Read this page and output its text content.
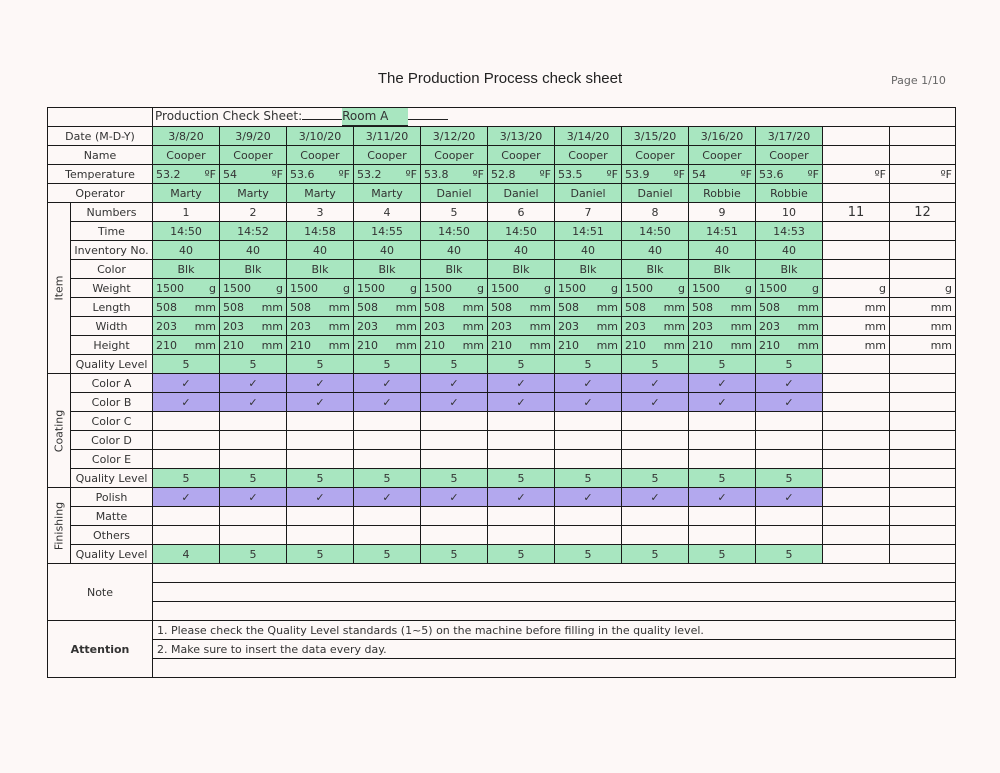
The Production Process check sheet	Page 1/10
		Production Check Sheet: Room A											
Date (M-D-Y)		3/8/20	3/9/20	3/10/20	3/11/20	3/12/20	3/13/20	3/14/20	3/15/20	3/16/20	3/17/20		
Name		Cooper	Cooper	Cooper	Cooper	Cooper	Cooper	Cooper	Cooper	Cooper	Cooper		
Temperature		53.2 ºF	54 ºF	53.6 ºF	53.2 ºF	53.8 ºF	52.8 ºF	53.5 ºF	53.9 ºF	54 ºF	53.6 ºF	ºF	ºF

Operator		Marty	Marty	Marty	Marty	Daniel	Daniel	Daniel	Daniel	Robbie	Robbie		

Item	Numbers	1	2	3	4	5	6	7	8	9	10	11	12
	Time	14:50	14:52	14:58	14:55	14:50	14:50	14:51	14:50	14:51	14:53		
	Inventory No.	40	40	40	40	40	40	40	40	40	40		
	Color	Blk	Blk	Blk	Blk	Blk	Blk	Blk	Blk	Blk	Blk		
	Weight	1500 g	1500 g	1500 g	1500 g	1500 g	1500 g	1500 g	1500 g	1500 g	1500 g	g	g

	Length	508 mm	508 mm	508 mm	508 mm	508 mm	508 mm	508 mm	508 mm	508 mm	508 mm	mm	mm

	Width	203 mm	203 mm	203 mm	203 mm	203 mm	203 mm	203 mm	203 mm	203 mm	203 mm	mm	mm

	Height	210 mm	210 mm	210 mm	210 mm	210 mm	210 mm	210 mm	210 mm	210 mm	210 mm	mm	mm

	Quality Level	5	5	5	5	5	5	5	5	5	5		

Coating	Color A	✓	✓	✓	✓	✓	✓	✓	✓	✓	✓		
	Color B	✓	✓	✓	✓	✓	✓	✓	✓	✓	✓		
	Color C												
	Color D												
	Color E												
	Quality Level	5	5	5	5	5	5	5	5	5	5		

Finishing	Polish	✓	✓	✓	✓	✓	✓	✓	✓	✓	✓		
	Matte												
	Others												
	Quality Level	4	5	5	5	5	5	5	5	5	5		
Note													

Attention		1. Please check the Quality Level standards (1~5) on the machine before filling in the quality level.											
		2. Make sure to insert the data every day.											
